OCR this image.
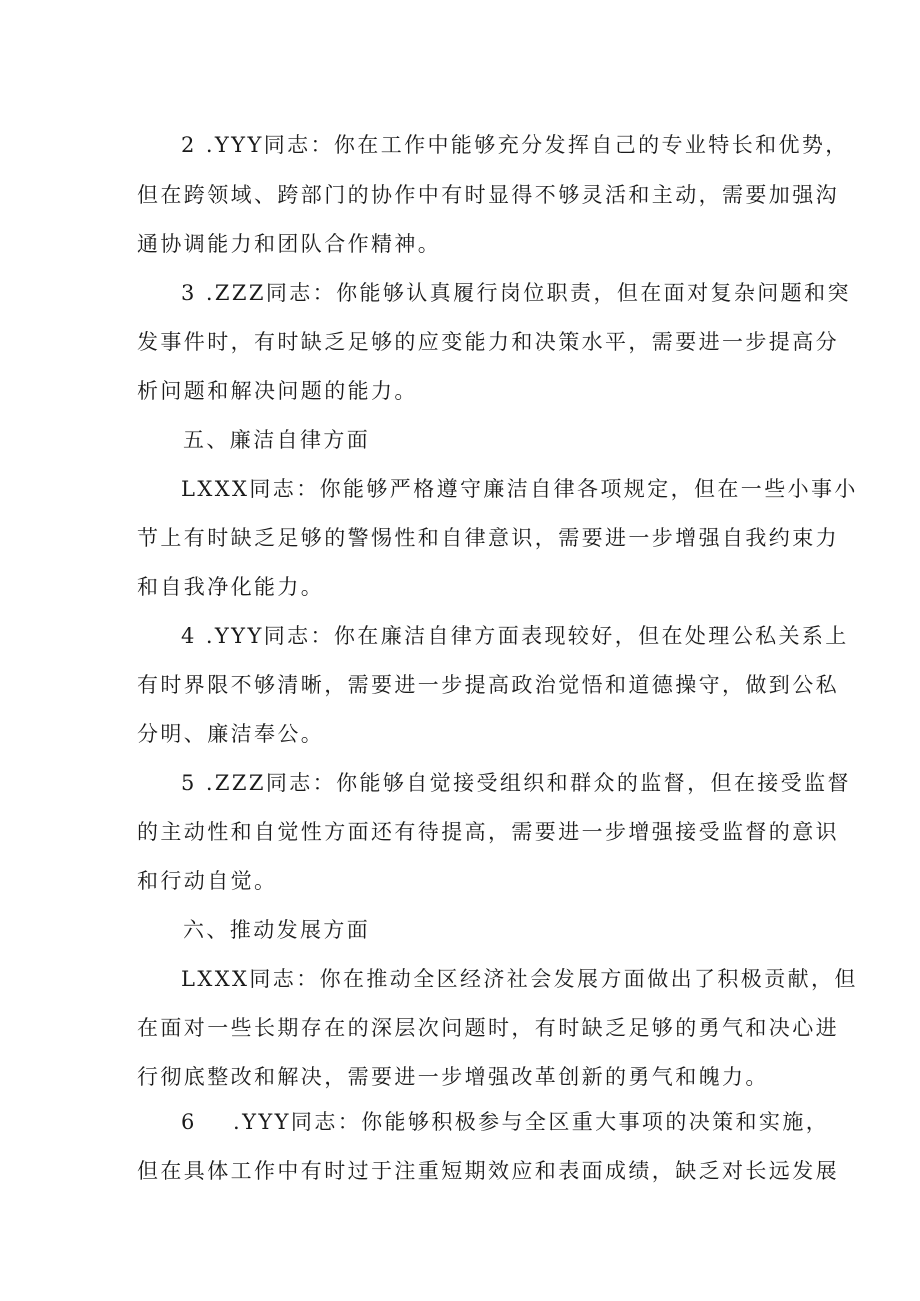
2 .YYY同志：你在工作中能够充分发挥自己的专业特长和优势，
但在跨领域、跨部门的协作中有时显得不够灵活和主动，需要加强沟
通协调能力和团队合作精神。
3 .ZZZ同志：你能够认真履行岗位职责，但在面对复杂问题和突
发事件时，有时缺乏足够的应变能力和决策水平，需要进一步提高分
析问题和解决问题的能力。
五、廉洁自律方面
LXXX同志：你能够严格遵守廉洁自律各项规定，但在一些小事小
节上有时缺乏足够的警惕性和自律意识，需要进一步增强自我约束力
和自我净化能力。
4 .YYY同志：你在廉洁自律方面表现较好，但在处理公私关系上
有时界限不够清晰，需要进一步提高政治觉悟和道德操守，做到公私
分明、廉洁奉公。
5 .ZZZ同志：你能够自觉接受组织和群众的监督，但在接受监督
的主动性和自觉性方面还有待提高，需要进一步增强接受监督的意识
和行动自觉。
六、推动发展方面
LXXX同志：你在推动全区经济社会发展方面做出了积极贡献，但
在面对一些长期存在的深层次问题时，有时缺乏足够的勇气和决心进
行彻底整改和解决，需要进一步增强改革创新的勇气和魄力。
6    .YYY同志：你能够积极参与全区重大事项的决策和实施，
但在具体工作中有时过于注重短期效应和表面成绩，缺乏对长远发展
